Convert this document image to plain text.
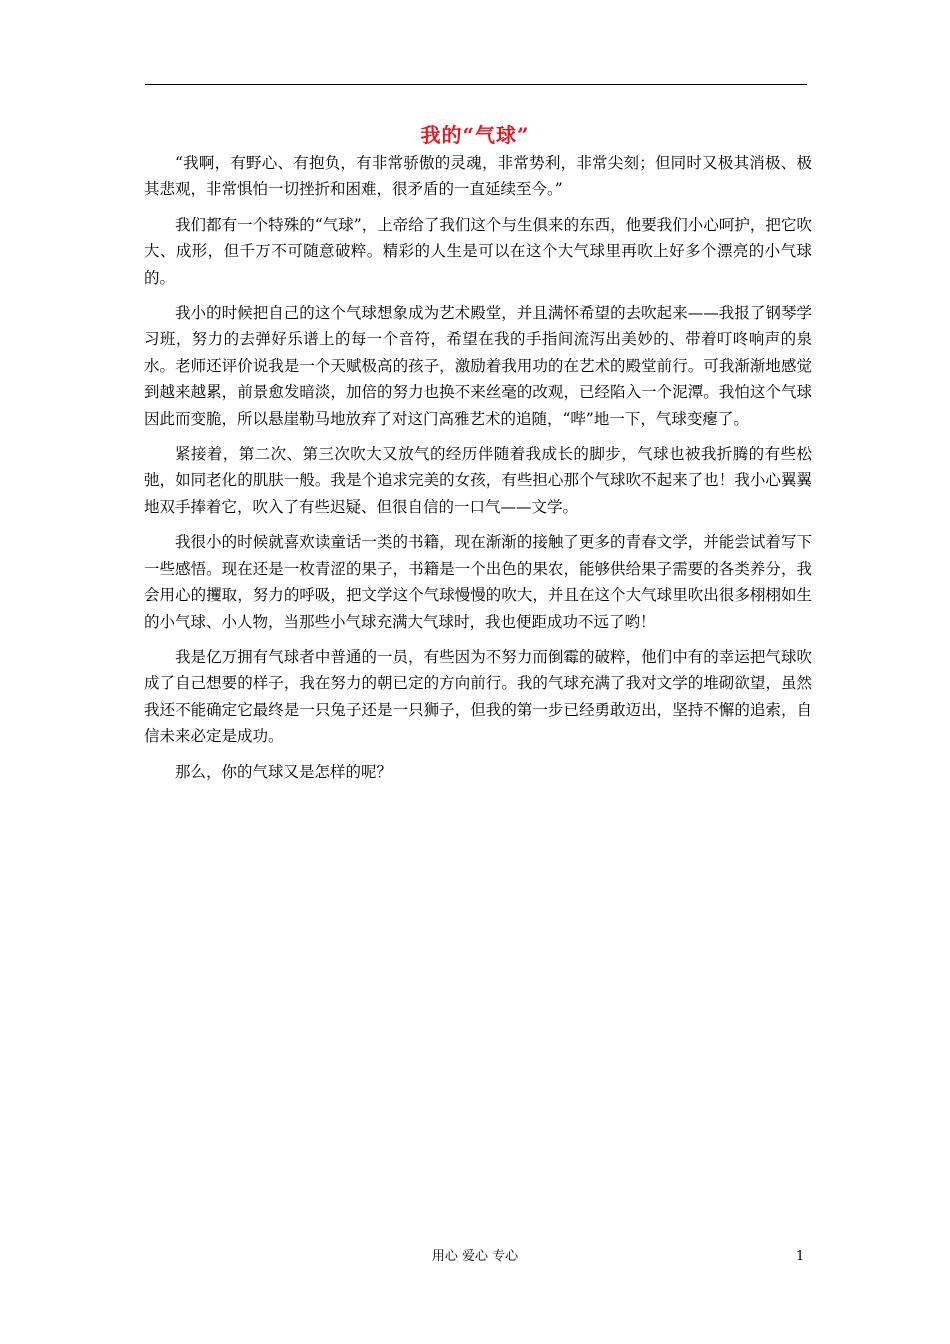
我的“气球”

“我啊，有野心、有抱负，有非常骄傲的灵魂，非常势利，非常尖刻；但同时又极其消极、极其悲观，非常惧怕一切挫折和困难，很矛盾的一直延续至今。”

我们都有一个特殊的“气球”，上帝给了我们这个与生俱来的东西，他要我们小心呵护，把它吹大、成形，但千万不可随意破粹。精彩的人生是可以在这个大气球里再吹上好多个漂亮的小气球的。

我小的时候把自己的这个气球想象成为艺术殿堂，并且满怀希望的去吹起来——我报了钢琴学习班，努力的去弹好乐谱上的每一个音符，希望在我的手指间流泻出美妙的、带着叮咚响声的泉水。老师还评价说我是一个天赋极高的孩子，激励着我用功的在艺术的殿堂前行。可我渐渐地感觉到越来越累，前景愈发暗淡，加倍的努力也换不来丝毫的改观，已经陷入一个泥潭。我怕这个气球因此而变脆，所以悬崖勒马地放弃了对这门高雅艺术的追随，“哔”地一下，气球变瘪了。

紧接着，第二次、第三次吹大又放气的经历伴随着我成长的脚步，气球也被我折腾的有些松弛，如同老化的肌肤一般。我是个追求完美的女孩，有些担心那个气球吹不起来了也！我小心翼翼地双手捧着它，吹入了有些迟疑、但很自信的一口气——文学。

我很小的时候就喜欢读童话一类的书籍，现在渐渐的接触了更多的青春文学，并能尝试着写下一些感悟。现在还是一枚青涩的果子，书籍是一个出色的果农，能够供给果子需要的各类养分，我会用心的攫取，努力的呼吸，把文学这个气球慢慢的吹大，并且在这个大气球里吹出很多栩栩如生的小气球、小人物，当那些小气球充满大气球时，我也便距成功不远了哟！

我是亿万拥有气球者中普通的一员，有些因为不努力而倒霉的破粹，他们中有的幸运把气球吹成了自己想要的样子，我在努力的朝已定的方向前行。我的气球充满了我对文学的堆砌欲望，虽然我还不能确定它最终是一只兔子还是一只狮子，但我的第一步已经勇敢迈出，坚持不懈的追索，自信未来必定是成功。

那么，你的气球又是怎样的呢？

用心 爱心 专心	1
